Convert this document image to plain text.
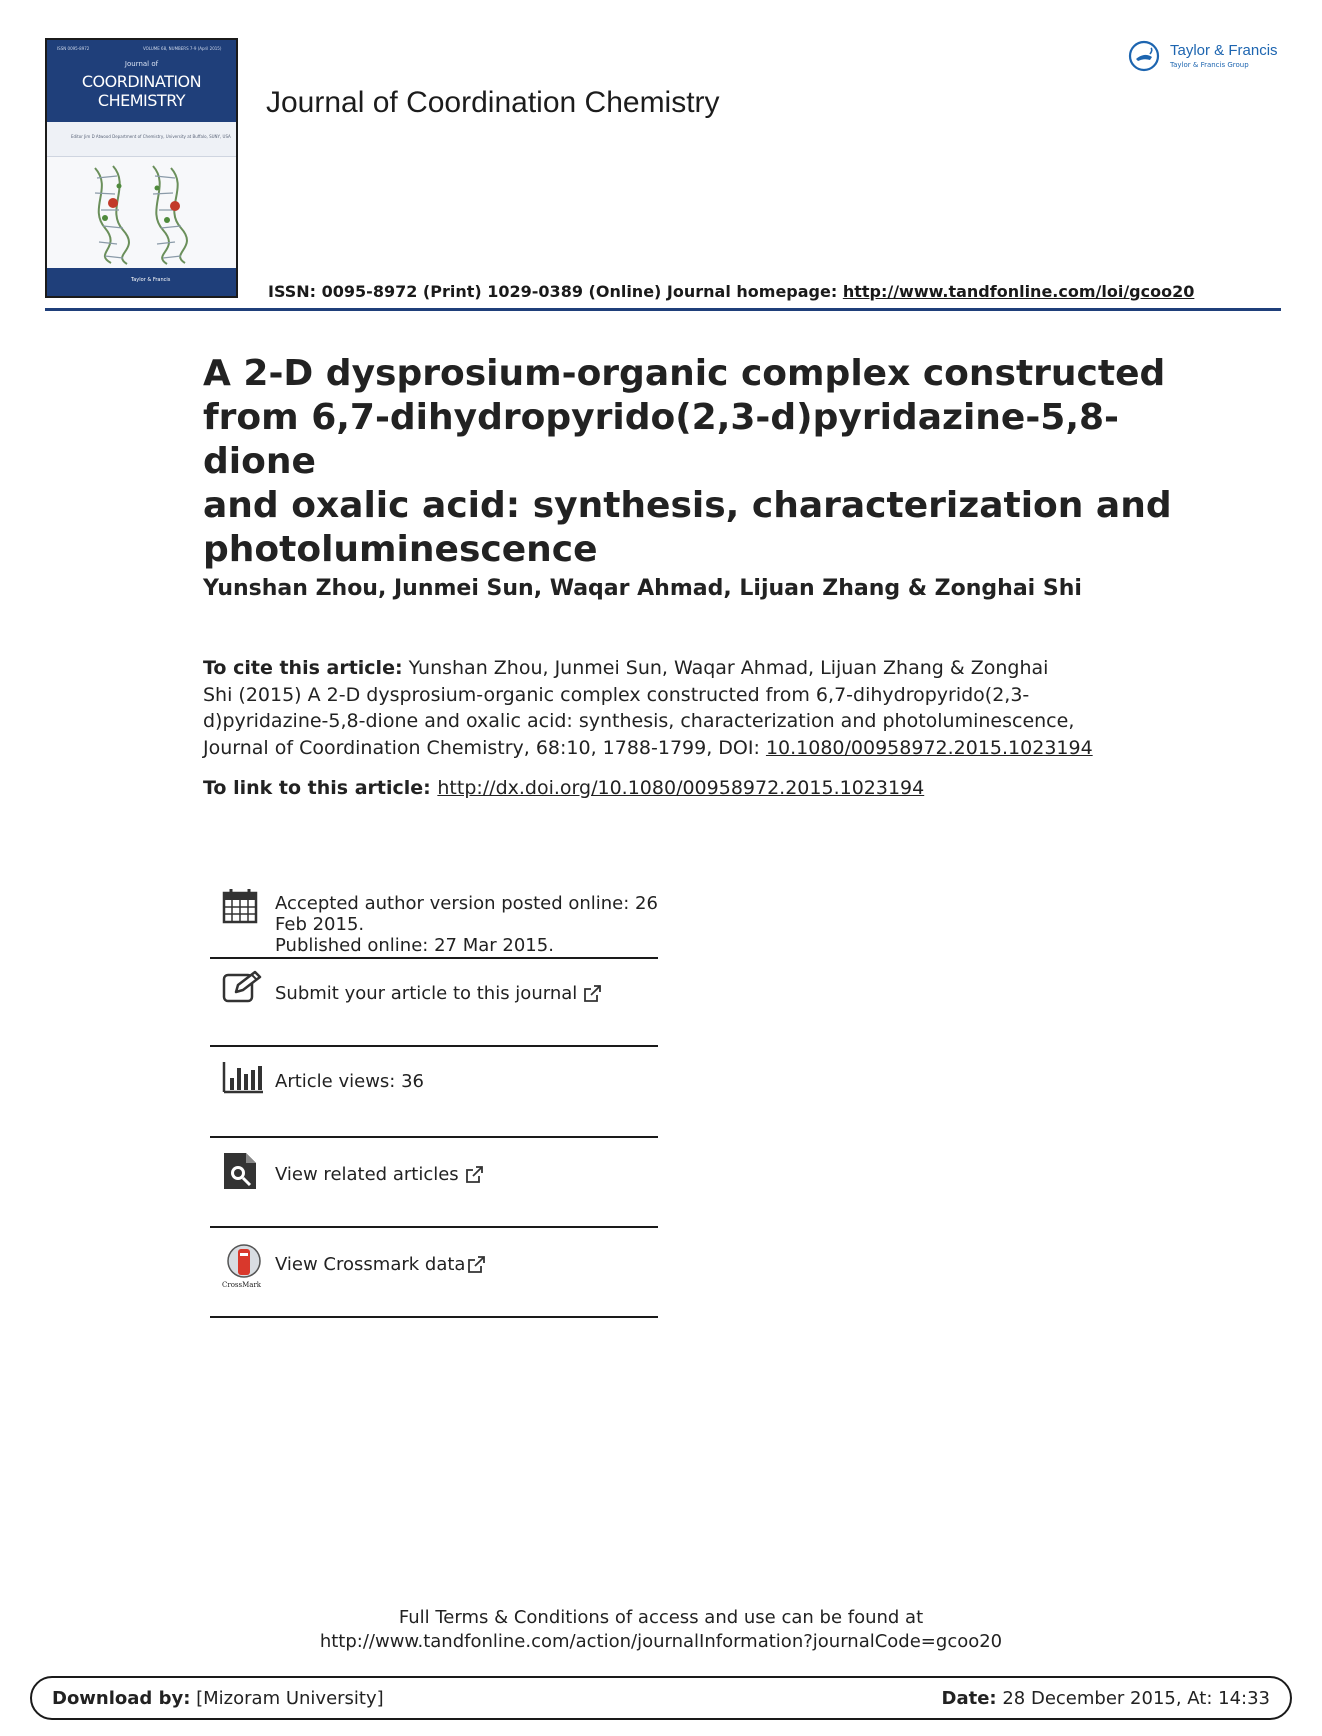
ISSN 0095-8972	VOLUME 68, NUMBERS 7-9 (April 2015)
Journal of
COORDINATION
CHEMISTRY
Editor Jim D Atwood Department of Chemistry, University at Buffalo, SUNY, USA
Taylor & Francis
Journal of Coordination Chemistry
Taylor & Francis
Taylor & Francis Group
ISSN: 0095-8972 (Print) 1029-0389 (Online) Journal homepage: http://www.tandfonline.com/loi/gcoo20
A 2-D dysprosium-organic complex constructed
from 6,7-dihydropyrido(2,3-d)pyridazine-5,8-dione
and oxalic acid: synthesis, characterization and
photoluminescence
Yunshan Zhou, Junmei Sun, Waqar Ahmad, Lijuan Zhang & Zonghai Shi
To cite this article: Yunshan Zhou, Junmei Sun, Waqar Ahmad, Lijuan Zhang & Zonghai
Shi (2015) A 2-D dysprosium-organic complex constructed from 6,7-dihydropyrido(2,3-
d)pyridazine-5,8-dione and oxalic acid: synthesis, characterization and photoluminescence,
Journal of Coordination Chemistry, 68:10, 1788-1799, DOI: 10.1080/00958972.2015.1023194
To link to this article: http://dx.doi.org/10.1080/00958972.2015.1023194
Accepted author version posted online: 26
Feb 2015.
Published online: 27 Mar 2015.
Submit your article to this journal
Article views: 36
View related articles
CrossMark
View Crossmark data
Full Terms & Conditions of access and use can be found at
http://www.tandfonline.com/action/journalInformation?journalCode=gcoo20
Download by: [Mizoram University]	Date: 28 December 2015, At: 14:33
